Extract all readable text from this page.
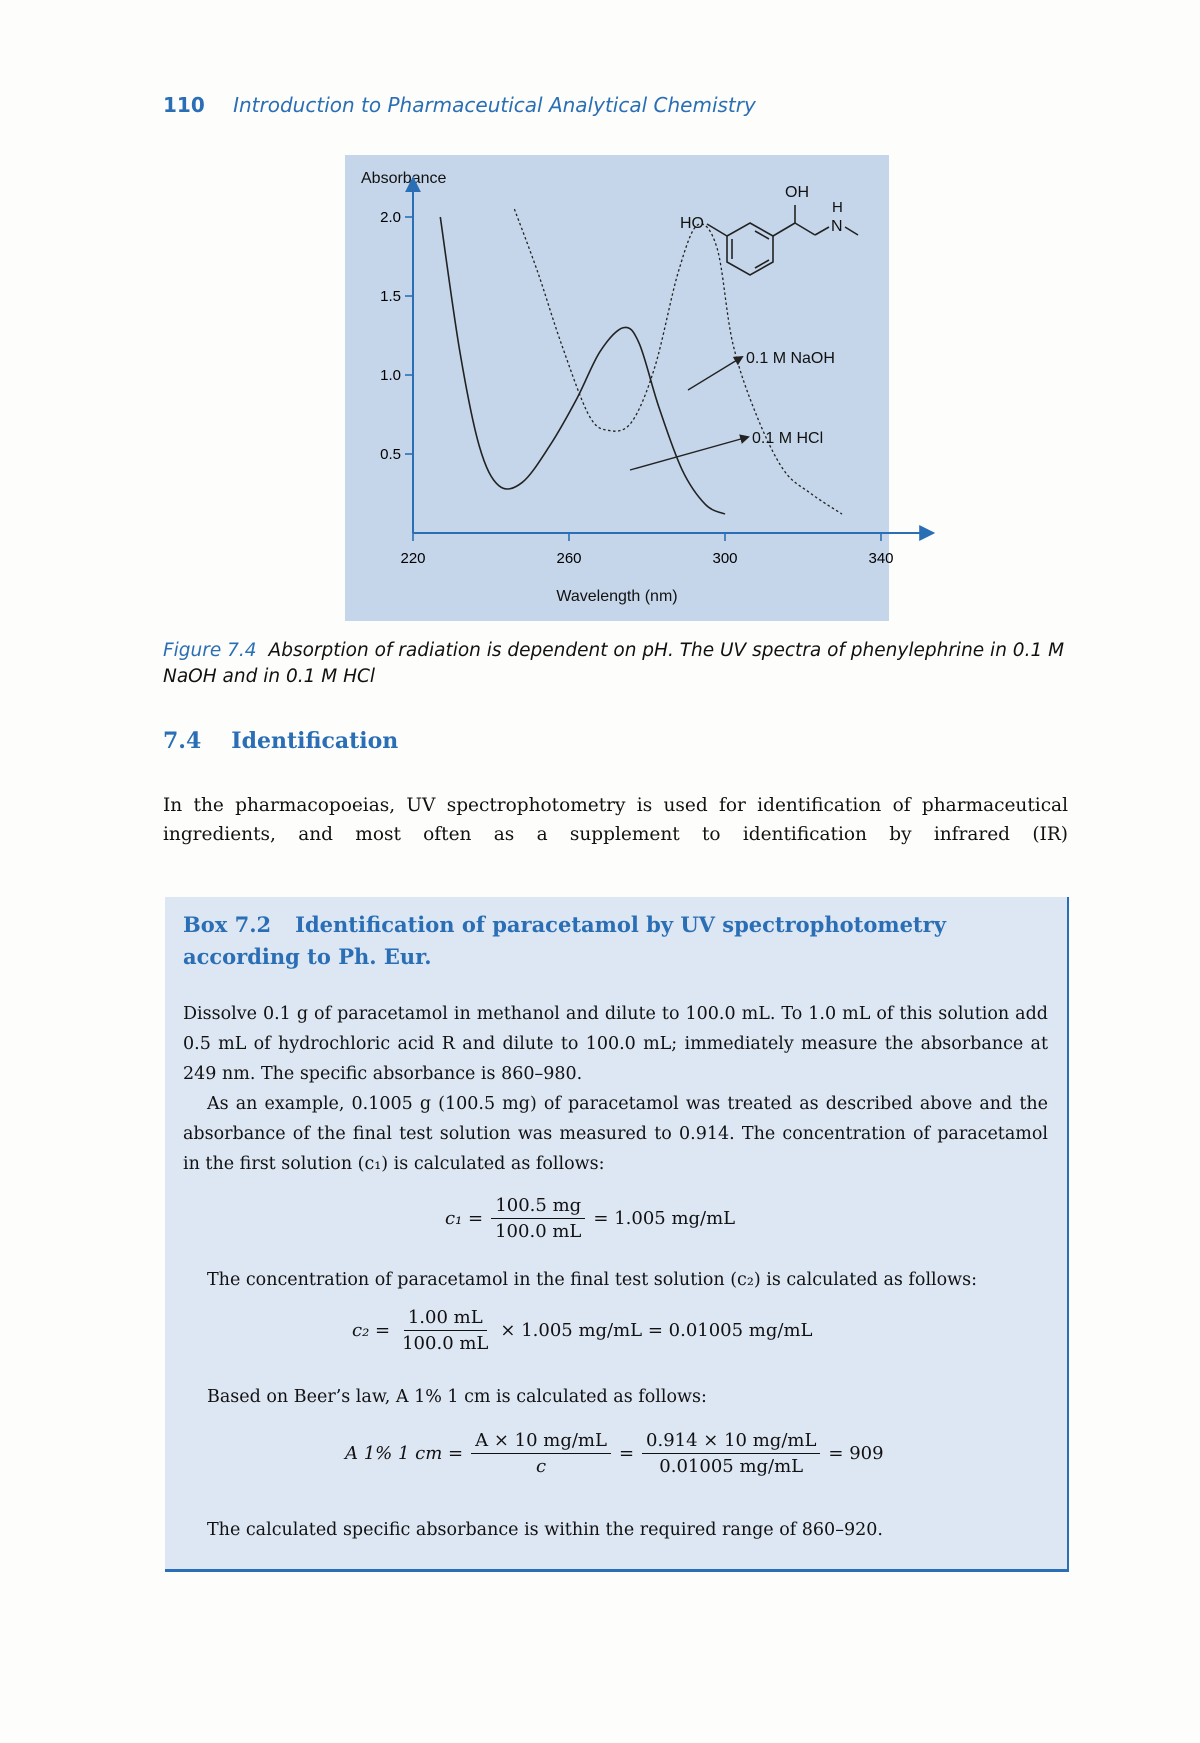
110 Introduction to Pharmaceutical Analytical Chemistry
Absorbance
Wavelength (nm)
2.0
1.5
1.0
0.5
220	260	300	340
HO
OH
H
N
0.1 M NaOH
0.1 M HCl
Figure 7.4 Absorption of radiation is dependent on pH. The UV spectra of phenylephrine in 0.1 M NaOH and in 0.1 M HCl
7.4 Identification
In the pharmacopoeias, UV spectrophotometry is used for identification of pharmaceutical ingredients, and most often as a supplement to identification by infrared (IR)
Box 7.2 Identification of paracetamol by UV spectrophotometry according to Ph. Eur.

Dissolve 0.1 g of paracetamol in methanol and dilute to 100.0 mL. To 1.0 mL of this solution add 0.5 mL of hydrochloric acid R and dilute to 100.0 mL; immediately measure the absorbance at 249 nm. The specific absorbance is 860–980.

As an example, 0.1005 g (100.5 mg) of paracetamol was treated as described above and the absorbance of the final test solution was measured to 0.914. The concentration of paracetamol in the first solution (c₁) is calculated as follows:

$c_1 = \frac{100.5 mg}{100.0 mL} = 1.005$ mg/mL
The concentration of paracetamol in the final test solution (c₂) is calculated as follows:
$c_2 = \frac{1.00 mL}{100.0 mL} \times 1.005$ mg/mL = 0.01005 mg/mL
Based on Beer’s law, A 1% 1 cm is calculated as follows:
A 1% 1 cm = $\frac{A \times 10 mg/mL}{c} = \frac{0.914 \times 10 mg/mL}{0.01005 mg/mL} = 909$
The calculated specific absorbance is within the required range of 860–920.
